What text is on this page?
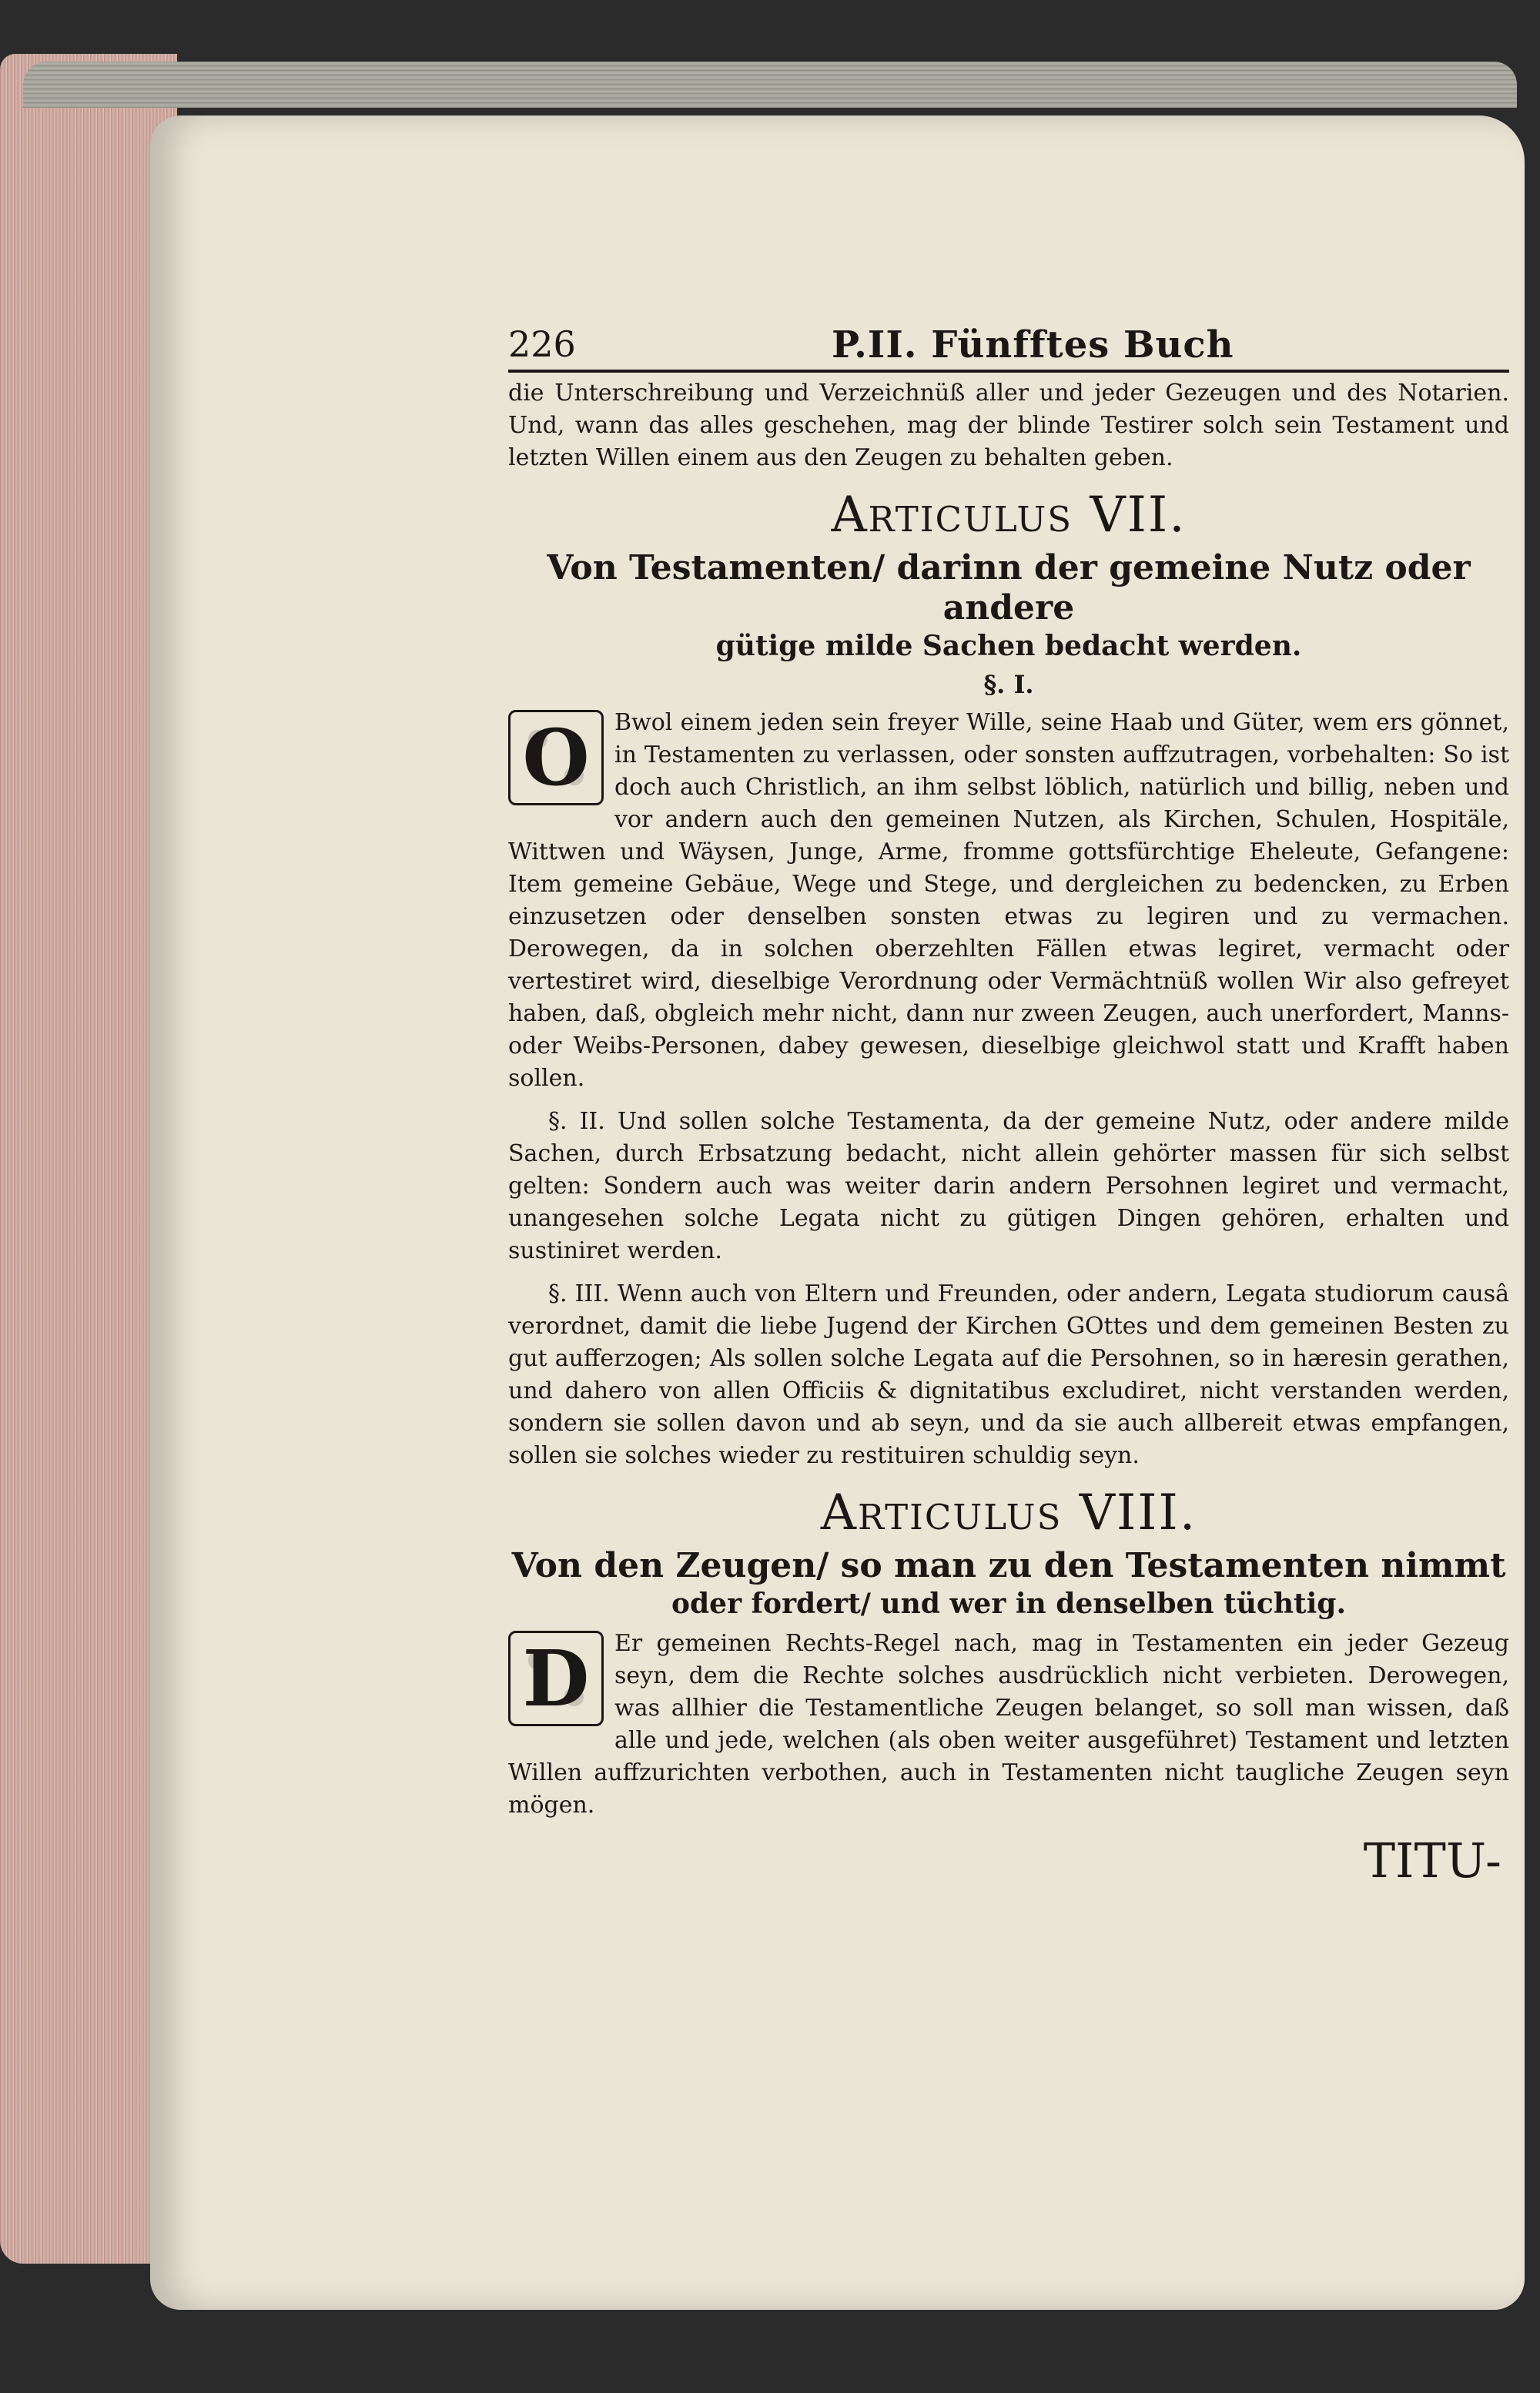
226	P.II. Fünfftes Buch

die Unterschreibung und Verzeichnüß aller und jeder Gezeugen und des Notarien. Und, wann das alles geschehen, mag der blinde Testirer solch sein Testament und letzten Willen einem aus den Zeugen zu behalten geben.

Articulus VII.
Von Testamenten/ darinn der gemeine Nutz oder andere
gütige milde Sachen bedacht werden.
§. I.

O	Bwol einem jeden sein freyer Wille, seine Haab und Güter, wem ers gönnet, in Testamenten zu verlassen, oder sonsten auffzutragen, vorbehalten: So ist doch auch Christlich, an ihm selbst löblich, natürlich und billig, neben und vor andern auch den gemeinen Nutzen, als Kirchen, Schulen, Hospitäle, Wittwen und Wäysen, Junge, Arme, fromme gottsfürchtige Eheleute, Gefangene: Item gemeine Gebäue, Wege und Stege, und dergleichen zu bedencken, zu Erben einzusetzen oder denselben sonsten etwas zu legiren und zu vermachen. Derowegen, da in solchen oberzehlten Fällen etwas legiret, vermacht oder vertestiret wird, dieselbige Verordnung oder Vermächtnüß wollen Wir also gefreyet haben, daß, obgleich mehr nicht, dann nur zween Zeugen, auch unerfordert, Manns- oder Weibs-Personen, dabey gewesen, dieselbige gleichwol statt und Krafft haben sollen.

§. II. Und sollen solche Testamenta, da der gemeine Nutz, oder andere milde Sachen, durch Erbsatzung bedacht, nicht allein gehörter massen für sich selbst gelten: Sondern auch was weiter darin andern Persohnen legiret und vermacht, unangesehen solche Legata nicht zu gütigen Dingen gehören, erhalten und sustiniret werden.

§. III. Wenn auch von Eltern und Freunden, oder andern, Legata studiorum causâ verordnet, damit die liebe Jugend der Kirchen GOttes und dem gemeinen Besten zu gut aufferzogen; Als sollen solche Legata auf die Persohnen, so in hæresin gerathen, und dahero von allen Officiis & dignitatibus excludiret, nicht verstanden werden, sondern sie sollen davon und ab seyn, und da sie auch allbereit etwas empfangen, sollen sie solches wieder zu restituiren schuldig seyn.

Articulus VIII.
Von den Zeugen/ so man zu den Testamenten nimmt
oder fordert/ und wer in denselben tüchtig.

D	Er gemeinen Rechts-Regel nach, mag in Testamenten ein jeder Gezeug seyn, dem die Rechte solches ausdrücklich nicht verbieten. Derowegen, was allhier die Testamentliche Zeugen belanget, so soll man wissen, daß alle und jede, welchen (als oben weiter ausgeführet) Testament und letzten Willen auffzurichten verbothen, auch in Testamenten nicht taugliche Zeugen seyn mögen.

TITU-
